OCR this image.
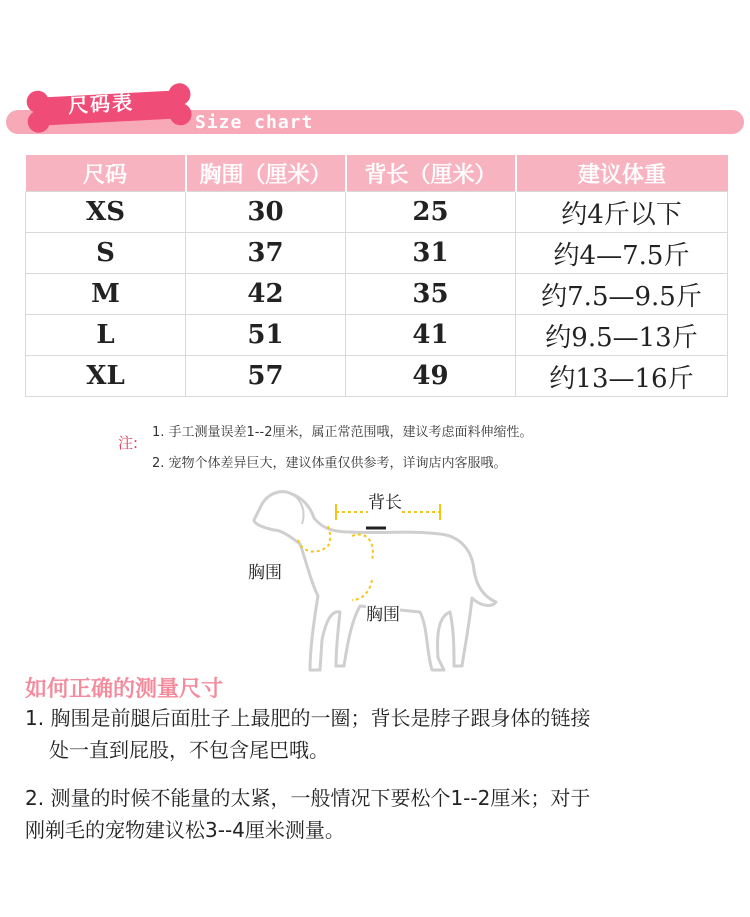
尺码表
Size chart
尺码	胸围（厘米）	背长（厘米）	建议体重
XS	30	25	约4斤以下
S	37	31	约4—7.5斤
M	42	35	约7.5—9.5斤
L	51	41	约9.5—13斤
XL	57	49	约13—16斤
注:
1. 手工测量误差1--2厘米，属正常范围哦，建议考虑面料伸缩性。
2. 宠物个体差异巨大，建议体重仅供参考，详询店内客服哦。
背长
胸围
胸围
如何正确的测量尺寸
1. 胸围是前腿后面肚子上最肥的一圈；背长是脖子跟身体的链接
处一直到屁股，不包含尾巴哦。
2. 测量的时候不能量的太紧，一般情况下要松个1--2厘米；对于
刚剃毛的宠物建议松3--4厘米测量。
